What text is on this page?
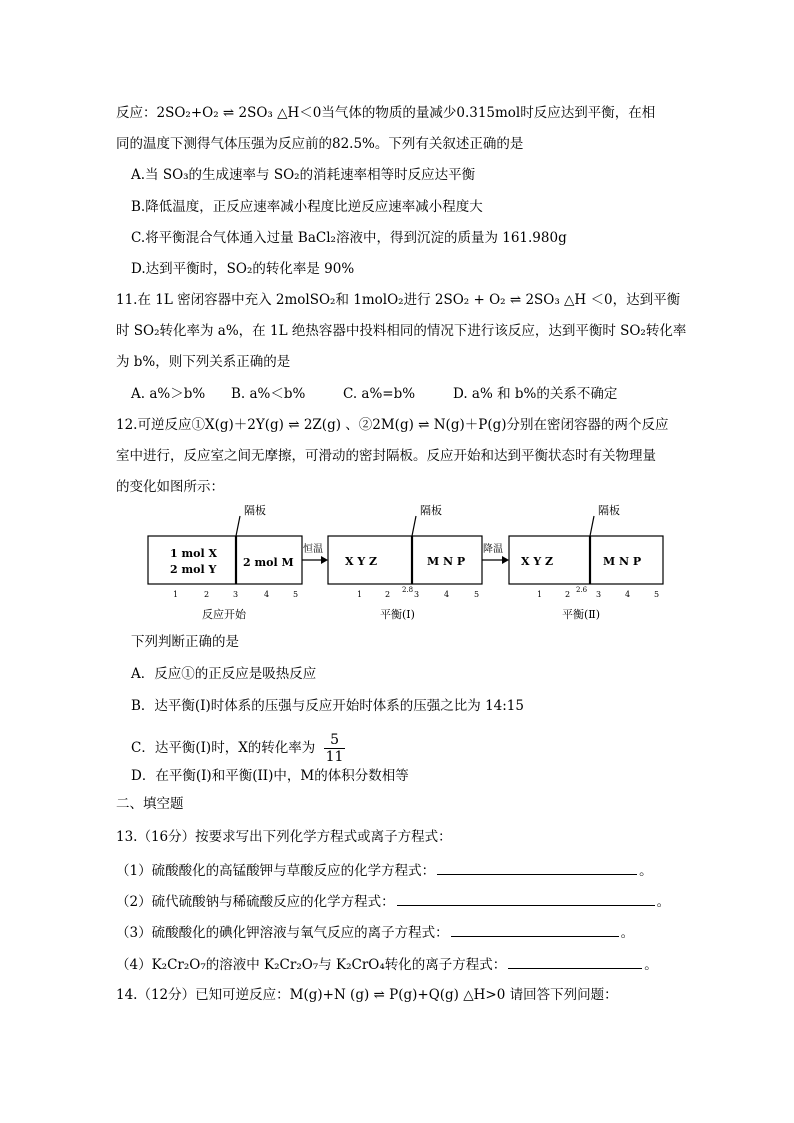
反应：2SO₂+O₂ ⇌ 2SO₃ △H＜0当气体的物质的量减少0.315mol时反应达到平衡，在相
同的温度下测得气体压强为反应前的82.5%。下列有关叙述正确的是
A.当 SO₃的生成速率与 SO₂的消耗速率相等时反应达平衡
B.降低温度，正反应速率减小程度比逆反应速率减小程度大
C.将平衡混合气体通入过量 BaCl₂溶液中，得到沉淀的质量为 161.980g
D.达到平衡时，SO₂的转化率是 90%
11.在 1L 密闭容器中充入 2molSO₂和 1molO₂进行 2SO₂ + O₂ ⇌ 2SO₃ △H ＜0，达到平衡
时 SO₂转化率为 a%，在 1L 绝热容器中投料相同的情况下进行该反应，达到平衡时 SO₂转化率
为 b%，则下列关系正确的是
A. a%＞b% B. a%＜b%	C. a%=b%	D. a% 和 b%的关系不确定
12.可逆反应①X(g)＋2Y(g) ⇌ 2Z(g) 、②2M(g) ⇌ N(g)＋P(g)分别在密闭容器的两个反应
室中进行，反应室之间无摩擦，可滑动的密封隔板。反应开始和达到平衡状态时有关物理量
的变化如图所示：
隔板	隔板	隔板
恒温	降温
1 mol X
2 mol Y
2 mol M	X Y Z	M N P	X Y Z	M N P
1	2	3	4	5	1	2 2.8 3	4	5	1	2 2.6 3	4	5
反应开始	平衡(Ⅰ)	平衡(Ⅱ)
下列判断正确的是
A．反应①的正反应是吸热反应
B．达平衡(I)时体系的压强与反应开始时体系的压强之比为 14:15
C．达平衡(I)时，X的转化率为 $\frac{5}{11}$
D．在平衡(I)和平衡(II)中，M的体积分数相等
二、填空题
13.（16分）按要求写出下列化学方程式或离子方程式：
（1）硫酸酸化的高锰酸钾与草酸反应的化学方程式：	。
（2）硫代硫酸钠与稀硫酸反应的化学方程式：	。
（3）硫酸酸化的碘化钾溶液与氧气反应的离子方程式：	。
（4）K₂Cr₂O₇的溶液中 K₂Cr₂O₇与 K₂CrO₄转化的离子方程式：	。
14.（12分）已知可逆反应：M(g)+N (g) ⇌ P(g)+Q(g) △H>0 请回答下列问题：
